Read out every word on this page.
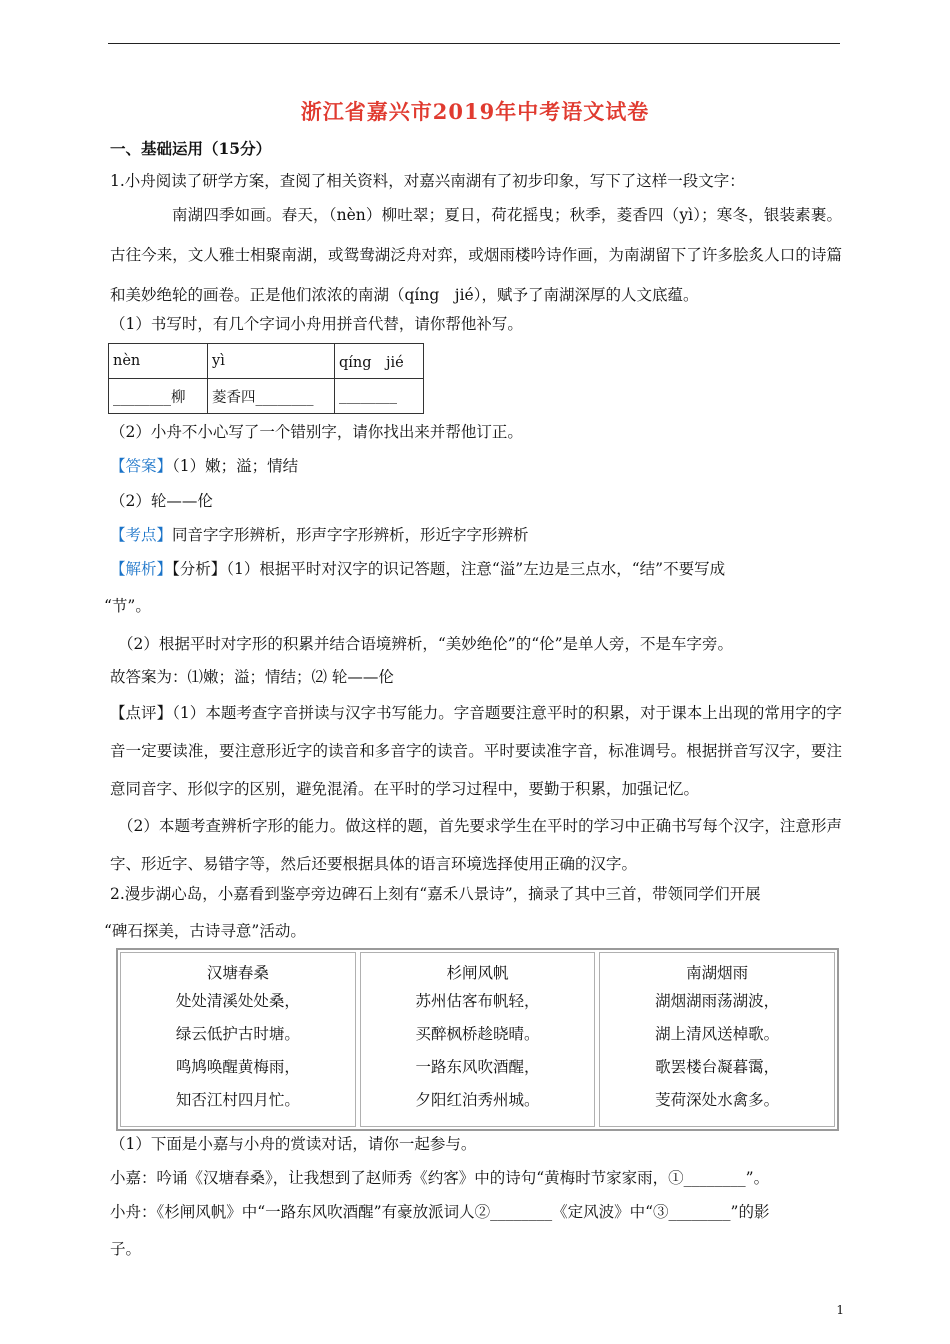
浙江省嘉兴市2019年中考语文试卷
一、基础运用（15分）
1.小舟阅读了研学方案，查阅了相关资料，对嘉兴南湖有了初步印象，写下了这样一段文字：
南湖四季如画。春天，（nèn）柳吐翠；夏日，荷花摇曳；秋季，菱香四（yì）；寒冬，银装素裹。古往今来，文人雅士相聚南湖，或鸳鸯湖泛舟对弈，或烟雨楼吟诗作画，为南湖留下了许多脍炙人口的诗篇和美妙绝轮的画卷。正是他们浓浓的南湖（qíng　jié），赋予了南湖深厚的人文底蕴。
（1）书写时，有几个字词小舟用拼音代替，请你帮他补写。
nèn	yì	qíng　jié
________柳	菱香四________	________
（2）小舟不小心写了一个错别字，请你找出来并帮他订正。
【答案】（1）嫩；溢；情结
（2）轮——伦
【考点】同音字字形辨析，形声字字形辨析，形近字字形辨析
【解析】【分析】（1）根据平时对汉字的识记答题，注意“溢”左边是三点水，“结”不要写成
“节”。
（2）根据平时对字形的积累并结合语境辨析，“美妙绝伦”的“伦”是单人旁，不是车字旁。
故答案为：⑴嫩；溢；情结；⑵ 轮——伦
【点评】（1）本题考查字音拼读与汉字书写能力。字音题要注意平时的积累，对于课本上出现的常用字的字音一定要读准，要注意形近字的读音和多音字的读音。平时要读准字音，标准调号。根据拼音写汉字，要注意同音字、形似字的区别，避免混淆。在平时的学习过程中，要勤于积累，加强记忆。
（2）本题考查辨析字形的能力。做这样的题，首先要求学生在平时的学习中正确书写每个汉字，注意形声字、形近字、易错字等，然后还要根据具体的语言环境选择使用正确的汉字。
2.漫步湖心岛，小嘉看到鉴亭旁边碑石上刻有“嘉禾八景诗”，摘录了其中三首，带领同学们开展
“碑石探美，古诗寻意”活动。
汉塘春桑
处处清溪处处桑，
绿云低护古时塘。
鸣鸠唤醒黄梅雨，
知否江村四月忙。
杉闸风帆
苏州估客布帆轻，
买醉枫桥趁晓晴。
一路东风吹酒醒，
夕阳红泊秀州城。
南湖烟雨
湖烟湖雨荡湖波，
湖上清风送棹歌。
歌罢楼台凝暮霭，
芰荷深处水禽多。
（1）下面是小嘉与小舟的赏读对话，请你一起参与。
小嘉：吟诵《汉塘春桑》，让我想到了赵师秀《约客》中的诗句“黄梅时节家家雨，①________”。
小舟：《杉闸风帆》中“一路东风吹酒醒”有豪放派词人②________《定风波》中“③________”的影
子。
1
